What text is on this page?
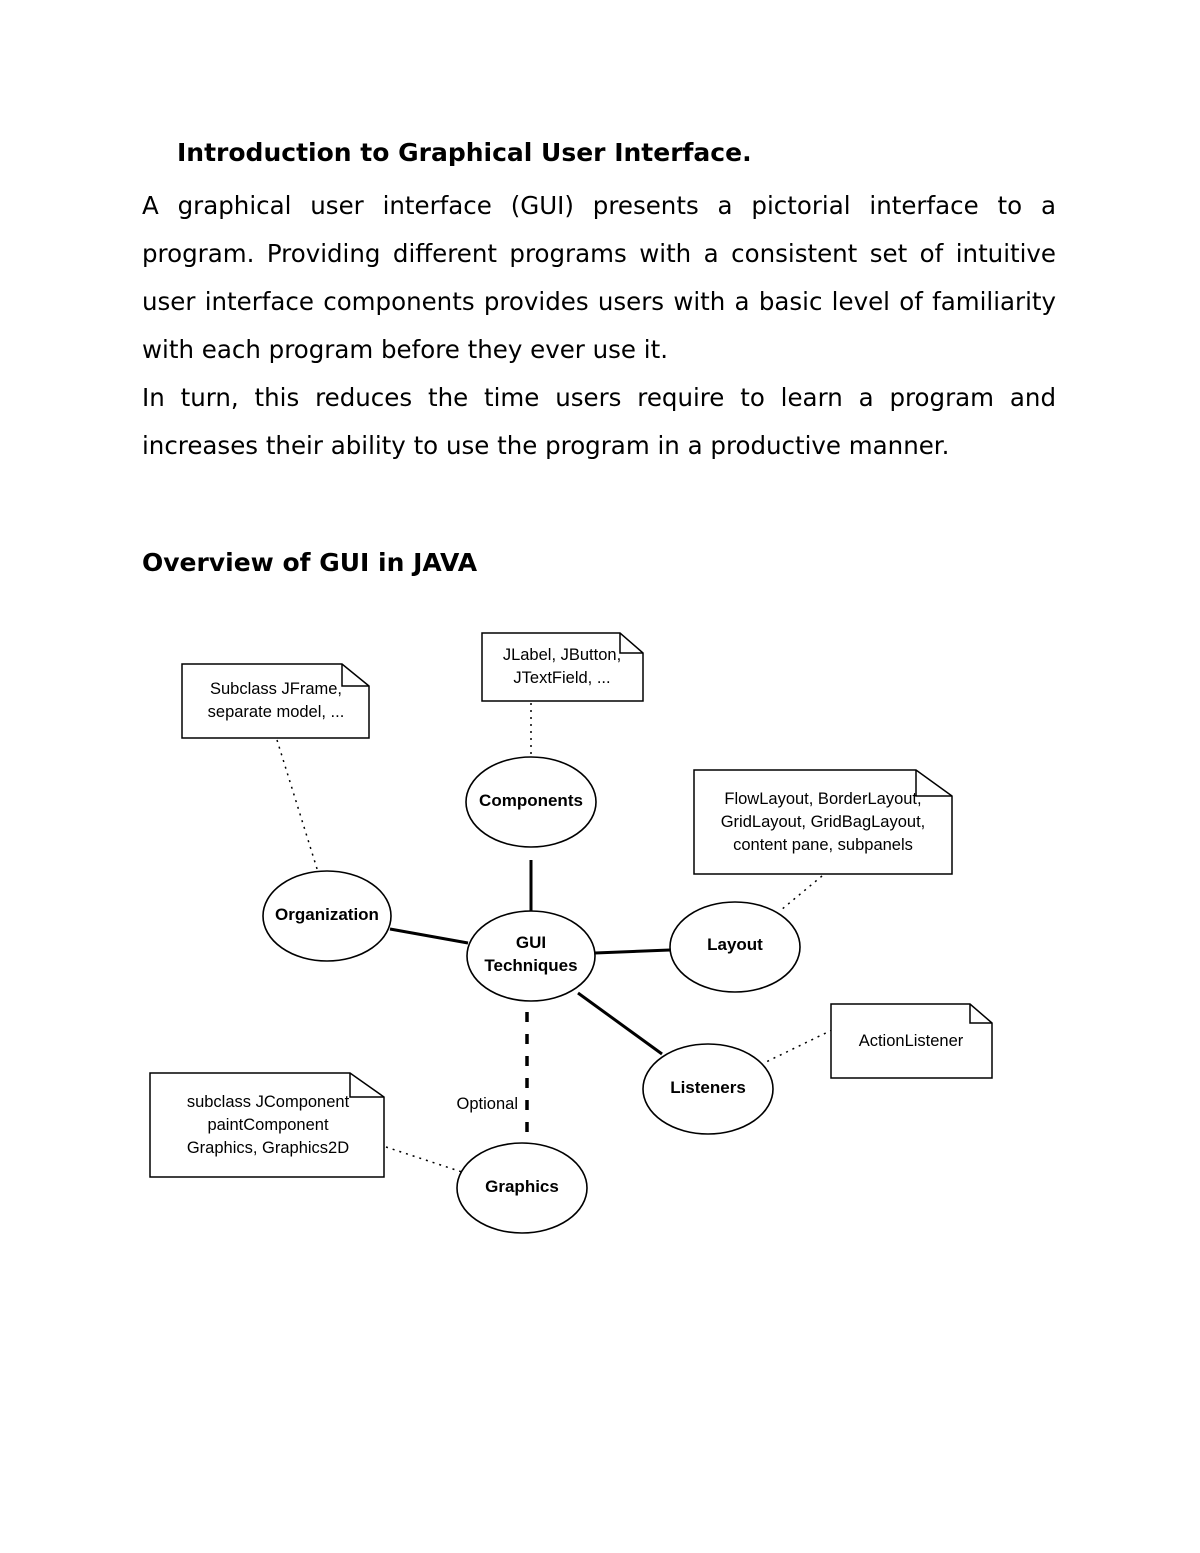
Introduction to Graphical User Interface.

A graphical user interface (GUI) presents a pictorial interface to a program. Providing different programs with a consistent set of intuitive user interface components provides users with a basic level of familiarity with each program before they ever use it.

In turn, this reduces the time users require to learn a program and increases their ability to use the program in a productive manner.

Overview of GUI in JAVA
Subclass JFrame,
separate model, ...
JLabel, JButton,
JTextField, ...
FlowLayout, BorderLayout,
GridLayout, GridBagLayout,
content pane, subpanels
ActionListener
subclass JComponent
paintComponent
Graphics, Graphics2D
GUI
Techniques
Components
Organization
Layout
Listeners
Graphics
Optional
